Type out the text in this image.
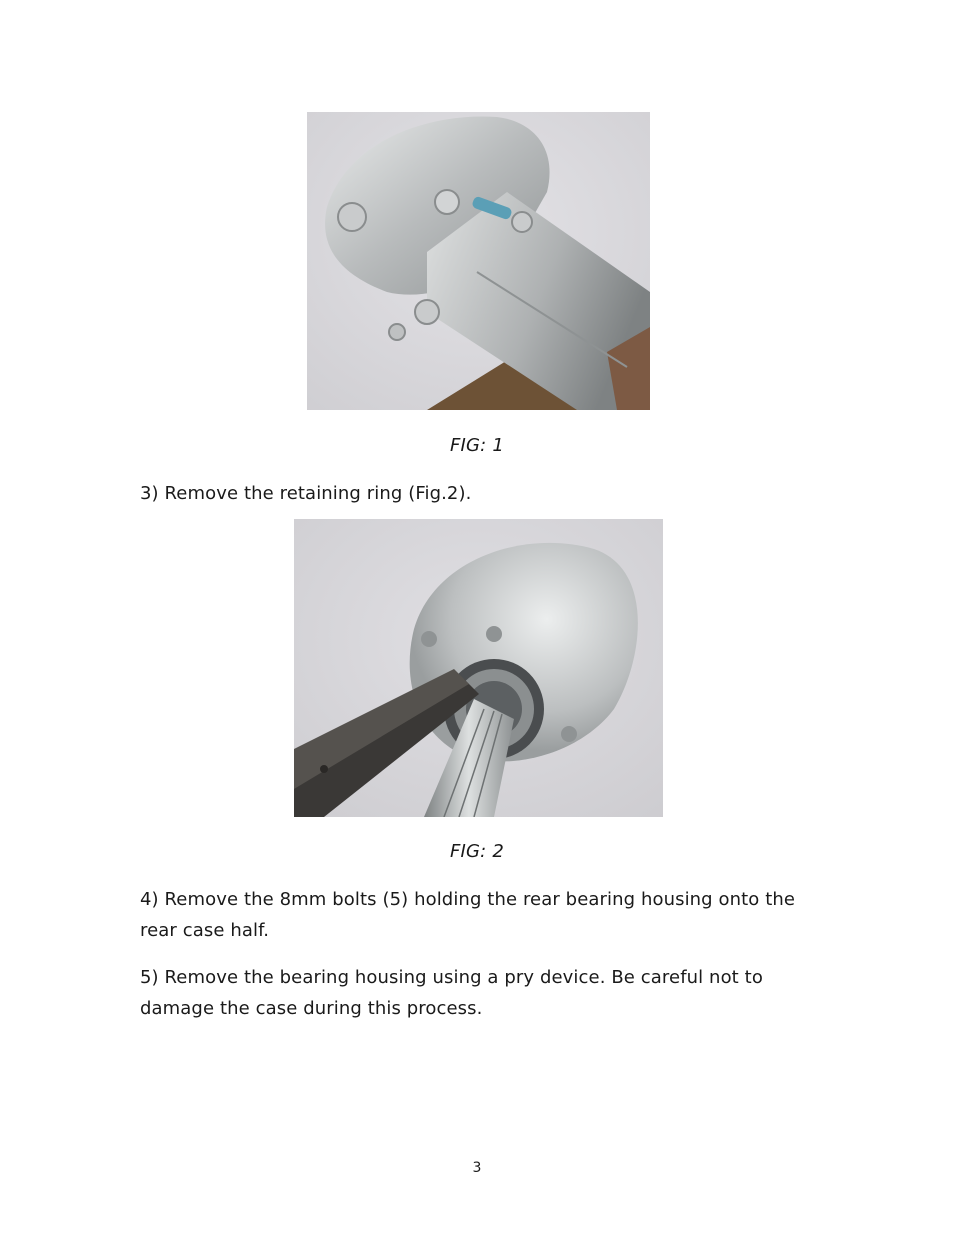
FIG: 1
3) Remove the retaining ring (Fig.2).
FIG: 2
4) Remove the 8mm bolts (5) holding the rear bearing housing onto the rear case half.
5) Remove the bearing housing using a pry device. Be careful not to damage the case during this process.
3
